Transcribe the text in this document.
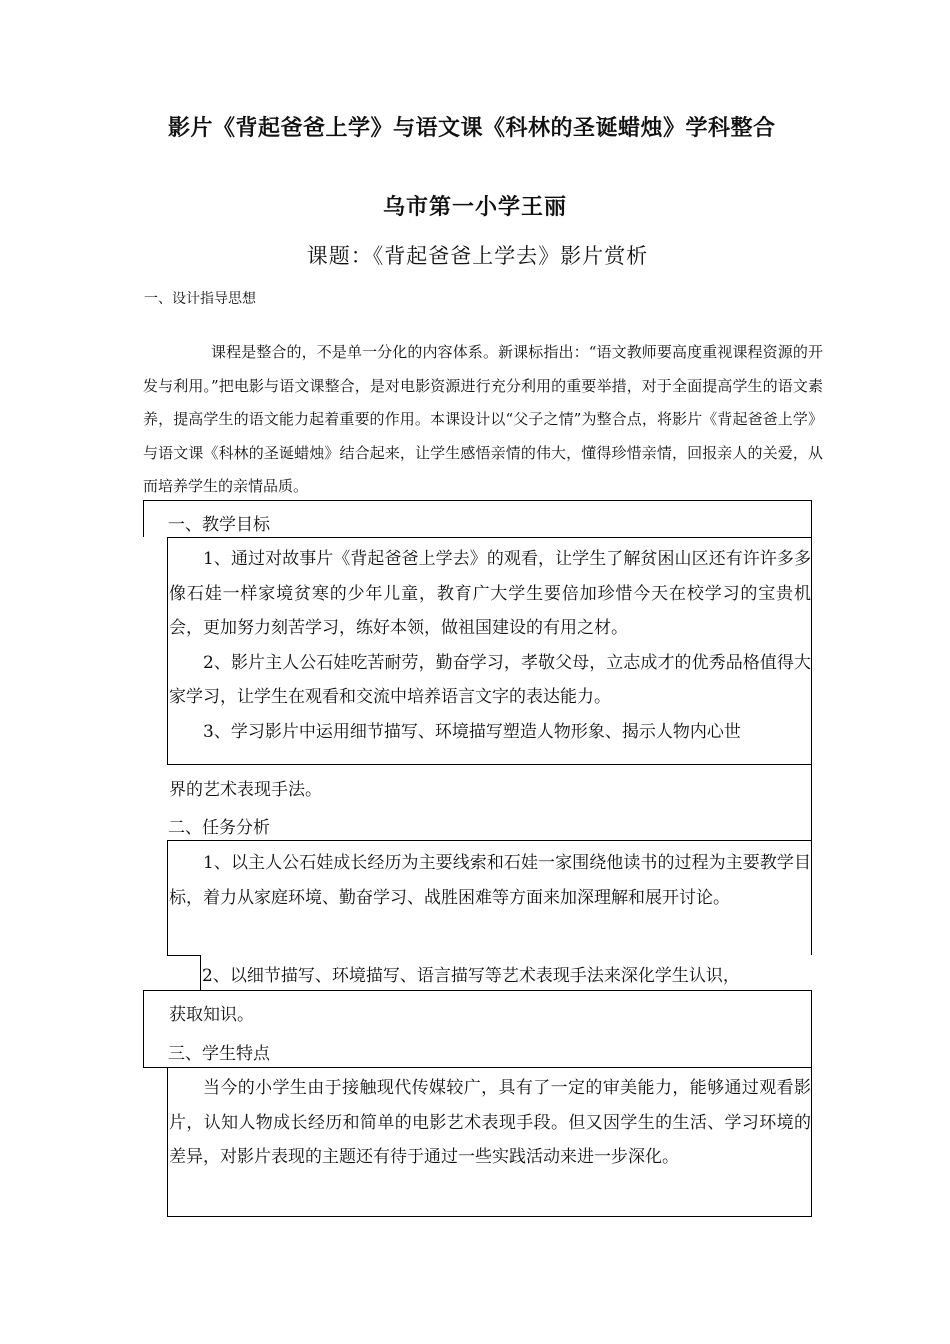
影片《背起爸爸上学》与语文课《科林的圣诞蜡烛》学科整合
乌市第一小学王丽
课题：《背起爸爸上学去》影片赏析
一、设计指导思想

课程是整合的，不是单一分化的内容体系。新课标指出：“语文教师要高度重视课程资源的开发与利用。”把电影与语文课整合，是对电影资源进行充分利用的重要举措，对于全面提高学生的语文素养，提高学生的语文能力起着重要的作用。本课设计以“父子之情”为整合点，将影片《背起爸爸上学》与语文课《科林的圣诞蜡烛》结合起来，让学生感悟亲情的伟大，懂得珍惜亲情，回报亲人的关爱，从而培养学生的亲情品质。

一、教学目标

1、通过对故事片《背起爸爸上学去》的观看，让学生了解贫困山区还有许许多多像石娃一样家境贫寒的少年儿童，教育广大学生要倍加珍惜今天在校学习的宝贵机会，更加努力刻苦学习，练好本领，做祖国建设的有用之材。

2、影片主人公石娃吃苦耐劳，勤奋学习，孝敬父母，立志成才的优秀品格值得大家学习，让学生在观看和交流中培养语言文字的表达能力。

3、学习影片中运用细节描写、环境描写塑造人物形象、揭示人物内心世

界的艺术表现手法。
二、任务分析

1、以主人公石娃成长经历为主要线索和石娃一家围绕他读书的过程为主要教学目标，着力从家庭环境、勤奋学习、战胜困难等方面来加深理解和展开讨论。

2、以细节描写、环境描写、语言描写等艺术表现手法来深化学生认识，
获取知识。
三、学生特点

当今的小学生由于接触现代传媒较广，具有了一定的审美能力，能够通过观看影片，认知人物成长经历和简单的电影艺术表现手段。但又因学生的生活、学习环境的差异，对影片表现的主题还有待于通过一些实践活动来进一步深化。
